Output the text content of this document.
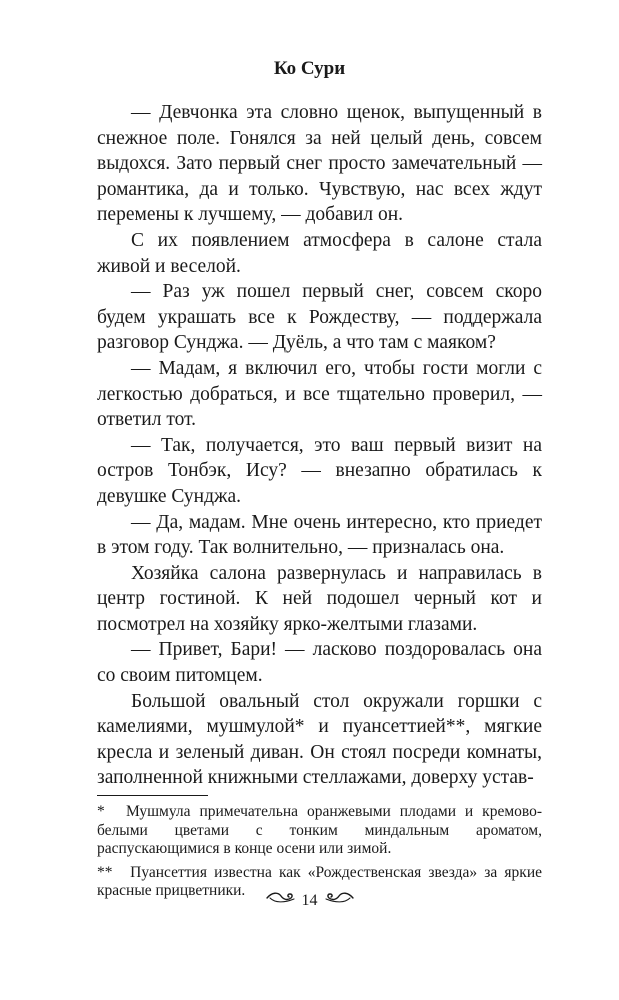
Ко Сури

— Девчонка эта словно щенок, выпущенный в снежное поле. Гонялся за ней целый день, совсем выдохся. Зато первый снег просто замечательный — романтика, да и только. Чувствую, нас всех ждут перемены к лучшему, — добавил он.

С их появлением атмосфера в салоне стала живой и веселой.

— Раз уж пошел первый снег, совсем скоро будем украшать все к Рождеству, — поддержала разговор Сунджа. — Дуёль, а что там с маяком?

— Мадам, я включил его, чтобы гости могли с легкостью добраться, и все тщательно проверил, — ответил тот.

— Так, получается, это ваш первый визит на остров Тонбэк, Ису? — внезапно обратилась к девушке Сунджа.

— Да, мадам. Мне очень интересно, кто приедет в этом году. Так волнительно, — призналась она.

Хозяйка салона развернулась и направилась в центр гостиной. К ней подошел черный кот и посмотрел на хозяйку ярко-желтыми глазами.

— Привет, Бари! — ласково поздоровалась она со своим питомцем.

Большой овальный стол окружали горшки с камелиями, мушмулой* и пуансеттией**, мягкие кресла и зеленый диван. Он стоял посреди комнаты, заполненной книжными стеллажами, доверху устав-

* Мушмула примечательна оранжевыми плодами и кремово-белыми цветами с тонким миндальным ароматом, распускающимися в конце осени или зимой.

** Пуансеттия известна как «Рождественская звезда» за яркие красные прицветники.

14
